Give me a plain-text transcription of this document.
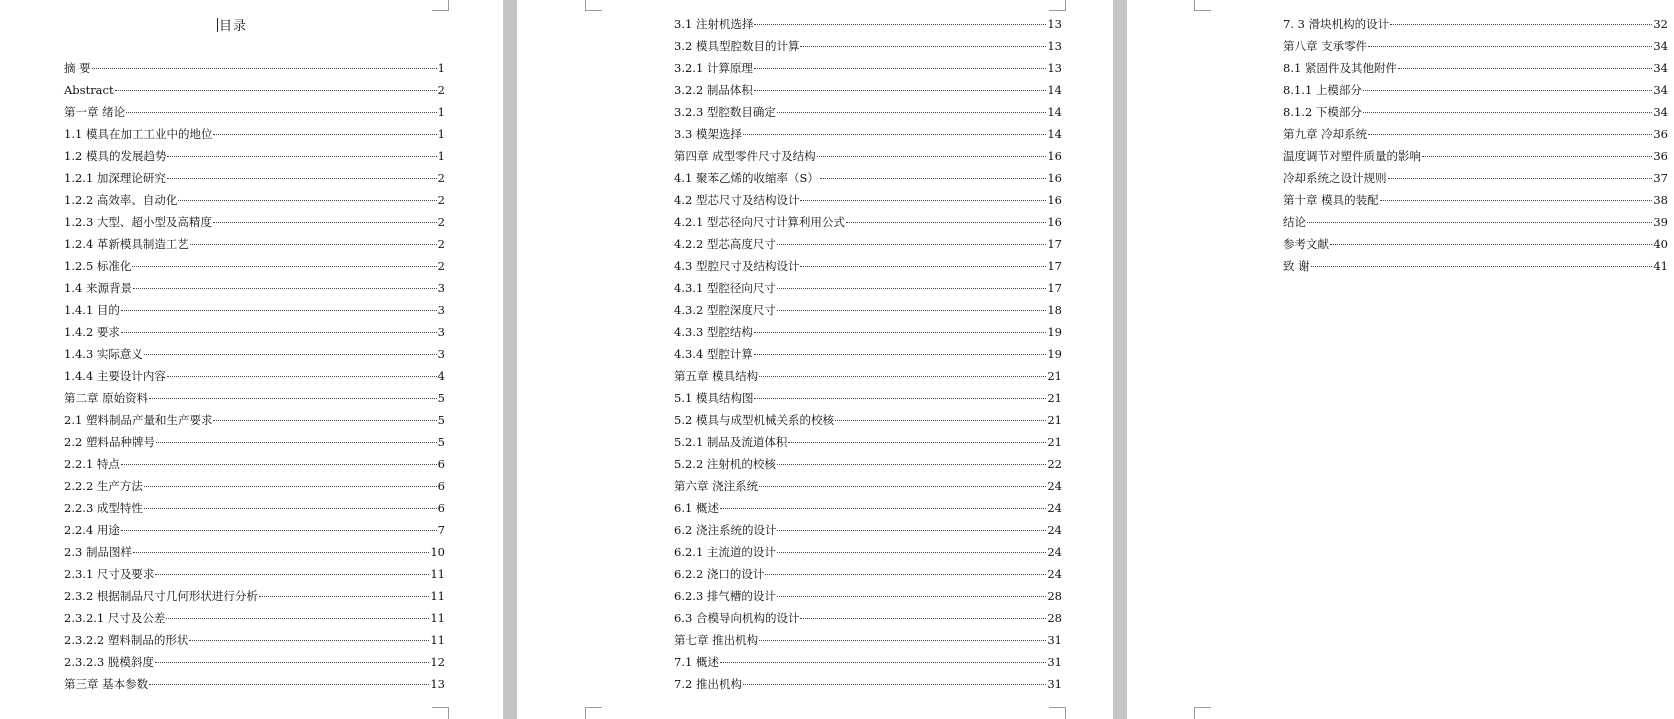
目录
摘 要	1
Abstract	2
第一章 绪论	1
1.1 模具在加工工业中的地位	1
1.2 模具的发展趋势	1
1.2.1 加深理论研究	2
1.2.2 高效率、自动化	2
1.2.3 大型、超小型及高精度	2
1.2.4 革新模具制造工艺	2
1.2.5 标准化	2
1.4 来源背景	3
1.4.1 目的	3
1.4.2 要求	3
1.4.3 实际意义	3
1.4.4 主要设计内容	4
第二章 原始资料	5
2.1 塑料制品产量和生产要求	5
2.2 塑料品种牌号	5
2.2.1 特点	6
2.2.2 生产方法	6
2.2.3 成型特性	6
2.2.4 用途	7
2.3 制品图样	10
2.3.1 尺寸及要求	11
2.3.2 根据制品尺寸几何形状进行分析	11
2.3.2.1 尺寸及公差	11
2.3.2.2 塑料制品的形状	11
2.3.2.3 脱模斜度	12
第三章 基本参数	13
3.1 注射机选择	13
3.2 模具型腔数目的计算	13
3.2.1 计算原理	13
3.2.2 制品体积	14
3.2.3 型腔数目确定	14
3.3 模架选择	14
第四章 成型零件尺寸及结构	16
4.1 聚苯乙烯的收缩率（S）	16
4.2 型芯尺寸及结构设计	16
4.2.1 型芯径向尺寸计算利用公式	16
4.2.2 型芯高度尺寸	17
4.3 型腔尺寸及结构设计	17
4.3.1 型腔径向尺寸	17
4.3.2 型腔深度尺寸	18
4.3.3 型腔结构	19
4.3.4 型腔计算	19
第五章 模具结构	21
5.1 模具结构图	21
5.2 模具与成型机械关系的校核	21
5.2.1 制品及流道体积	21
5.2.2 注射机的校核	22
第六章 浇注系统	24
6.1 概述	24
6.2 浇注系统的设计	24
6.2.1 主流道的设计	24
6.2.2 浇口的设计	24
6.2.3 排气槽的设计	28
6.3 合模导向机构的设计	28
第七章 推出机构	31
7.1 概述	31
7.2 推出机构	31
7. 3 滑块机构的设计	32
第八章 支承零件	34
8.1 紧固件及其他附件	34
8.1.1 上模部分	34
8.1.2 下模部分	34
第九章 冷却系统	36
温度调节对塑件质量的影响	36
冷却系统之设计规则	37
第十章 模具的装配	38
结论	39
参考文献	40
致 谢	41
